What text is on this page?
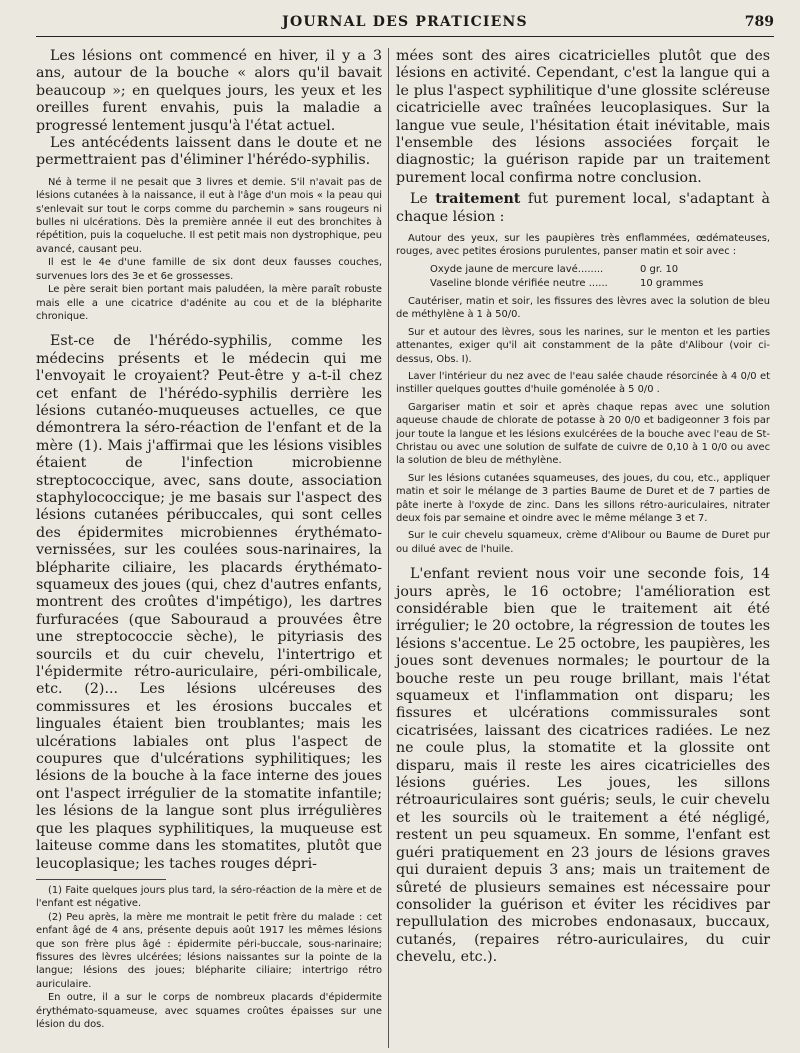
JOURNAL DES PRATICIENS	789

Les lésions ont commencé en hiver, il y a 3 ans, autour de la bouche « alors qu'il bavait beaucoup »; en quelques jours, les yeux et les oreilles furent envahis, puis la maladie a progressé lentement jusqu'à l'état actuel.

Les antécédents laissent dans le doute et ne permettraient pas d'éliminer l'hérédo-syphilis.

Né à terme il ne pesait que 3 livres et demie. S'il n'avait pas de lésions cutanées à la naissance, il eut à l'âge d'un mois « la peau qui s'enlevait sur tout le corps comme du parchemin » sans rougeurs ni bulles ni ulcérations. Dès la première année il eut des bronchites à répétition, puis la coqueluche. Il est petit mais non dystrophique, peu avancé, causant peu.

Il est le 4e d'une famille de six dont deux fausses couches, survenues lors des 3e et 6e grossesses.

Le père serait bien portant mais paludéen, la mère paraît robuste mais elle a une cicatrice d'adénite au cou et de la blépharite chronique.

Est-ce de l'hérédo-syphilis, comme les médecins présents et le médecin qui me l'envoyait le croyaient? Peut-être y a-t-il chez cet enfant de l'hérédo-syphilis derrière les lésions cutanéo-muqueuses actuelles, ce que démontrera la séro-réaction de l'enfant et de la mère (1). Mais j'affirmai que les lésions visibles étaient de l'infection microbienne streptococcique, avec, sans doute, association staphylococcique; je me basais sur l'aspect des lésions cutanées péribuccales, qui sont celles des épidermites microbiennes érythémato-vernissées, sur les coulées sous-narinaires, la blépharite ciliaire, les placards érythémato-squameux des joues (qui, chez d'autres enfants, montrent des croûtes d'impétigo), les dartres furfuracées (que Sabouraud a prouvées être une streptococcie sèche), le pityriasis des sourcils et du cuir chevelu, l'intertrigo et l'épidermite rétro-auriculaire, péri-ombilicale, etc. (2)... Les lésions ulcéreuses des commissures et les érosions buccales et linguales étaient bien troublantes; mais les ulcérations labiales ont plus l'aspect de coupures que d'ulcérations syphilitiques; les lésions de la bouche à la face interne des joues ont l'aspect irrégulier de la stomatite infantile; les lésions de la langue sont plus irrégulières que les plaques syphilitiques, la muqueuse est laiteuse comme dans les stomatites, plutôt que leucoplasique; les taches rouges dépri-

(1) Faite quelques jours plus tard, la séro-réaction de la mère et de l'enfant est négative.

(2) Peu après, la mère me montrait le petit frère du malade : cet enfant âgé de 4 ans, présente depuis août 1917 les mêmes lésions que son frère plus âgé : épidermite péri-buccale, sous-narinaire; fissures des lèvres ulcérées; lésions naissantes sur la pointe de la langue; lésions des joues; blépharite ciliaire; intertrigo rétro auriculaire.

En outre, il a sur le corps de nombreux placards d'épidermite érythémato-squameuse, avec squames croûtes épaisses sur une lésion du dos.

mées sont des aires cicatricielles plutôt que des lésions en activité. Cependant, c'est la langue qui a le plus l'aspect syphilitique d'une glossite scléreuse cicatricielle avec traînées leucoplasiques. Sur la langue vue seule, l'hésitation était inévitable, mais l'ensemble des lésions associées forçait le diagnostic; la guérison rapide par un traitement purement local confirma notre conclusion.

Le traitement fut purement local, s'adaptant à chaque lésion :

Autour des yeux, sur les paupières très enflammées, œdémateuses, rouges, avec petites érosions purulentes, panser matin et soir avec :

Oxyde jaune de mercure lavé........	0 gr. 10
Vaseline blonde vérifiée neutre ......	10 grammes

Cautériser, matin et soir, les fissures des lèvres avec la solution de bleu de méthylène à 1 à 50/0.

Sur et autour des lèvres, sous les narines, sur le menton et les parties attenantes, exiger qu'il ait constamment de la pâte d'Alibour (voir ci-dessus, Obs. I).

Laver l'intérieur du nez avec de l'eau salée chaude résorcinée à 4 0/0 et instiller quelques gouttes d'huile goménolée à 5 0/0 .

Gargariser matin et soir et après chaque repas avec une solution aqueuse chaude de chlorate de potasse à 20 0/0 et badigeonner 3 fois par jour toute la langue et les lésions exulcérées de la bouche avec l'eau de St-Christau ou avec une solution de sulfate de cuivre de 0,10 à 1 0/0 ou avec la solution de bleu de méthylène.

Sur les lésions cutanées squameuses, des joues, du cou, etc., appliquer matin et soir le mélange de 3 parties Baume de Duret et de 7 parties de pâte inerte à l'oxyde de zinc. Dans les sillons rétro-auriculaires, nitrater deux fois par semaine et oindre avec le même mélange 3 et 7.

Sur le cuir chevelu squameux, crème d'Alibour ou Baume de Duret pur ou dilué avec de l'huile.

L'enfant revient nous voir une seconde fois, 14 jours après, le 16 octobre; l'amélioration est considérable bien que le traitement ait été irrégulier; le 20 octobre, la régression de toutes les lésions s'accentue. Le 25 octobre, les paupières, les joues sont devenues normales; le pourtour de la bouche reste un peu rouge brillant, mais l'état squameux et l'inflammation ont disparu; les fissures et ulcérations commissurales sont cicatrisées, laissant des cicatrices radiées. Le nez ne coule plus, la stomatite et la glossite ont disparu, mais il reste les aires cicatricielles des lésions guéries. Les joues, les sillons rétroauriculaires sont guéris; seuls, le cuir chevelu et les sourcils où le traitement a été négligé, restent un peu squameux. En somme, l'enfant est guéri pratiquement en 23 jours de lésions graves qui duraient depuis 3 ans; mais un traitement de sûreté de plusieurs semaines est nécessaire pour consolider la guérison et éviter les récidives par repullulation des microbes endonasaux, buccaux, cutanés, (repaires rétro-auriculaires, du cuir chevelu, etc.).
